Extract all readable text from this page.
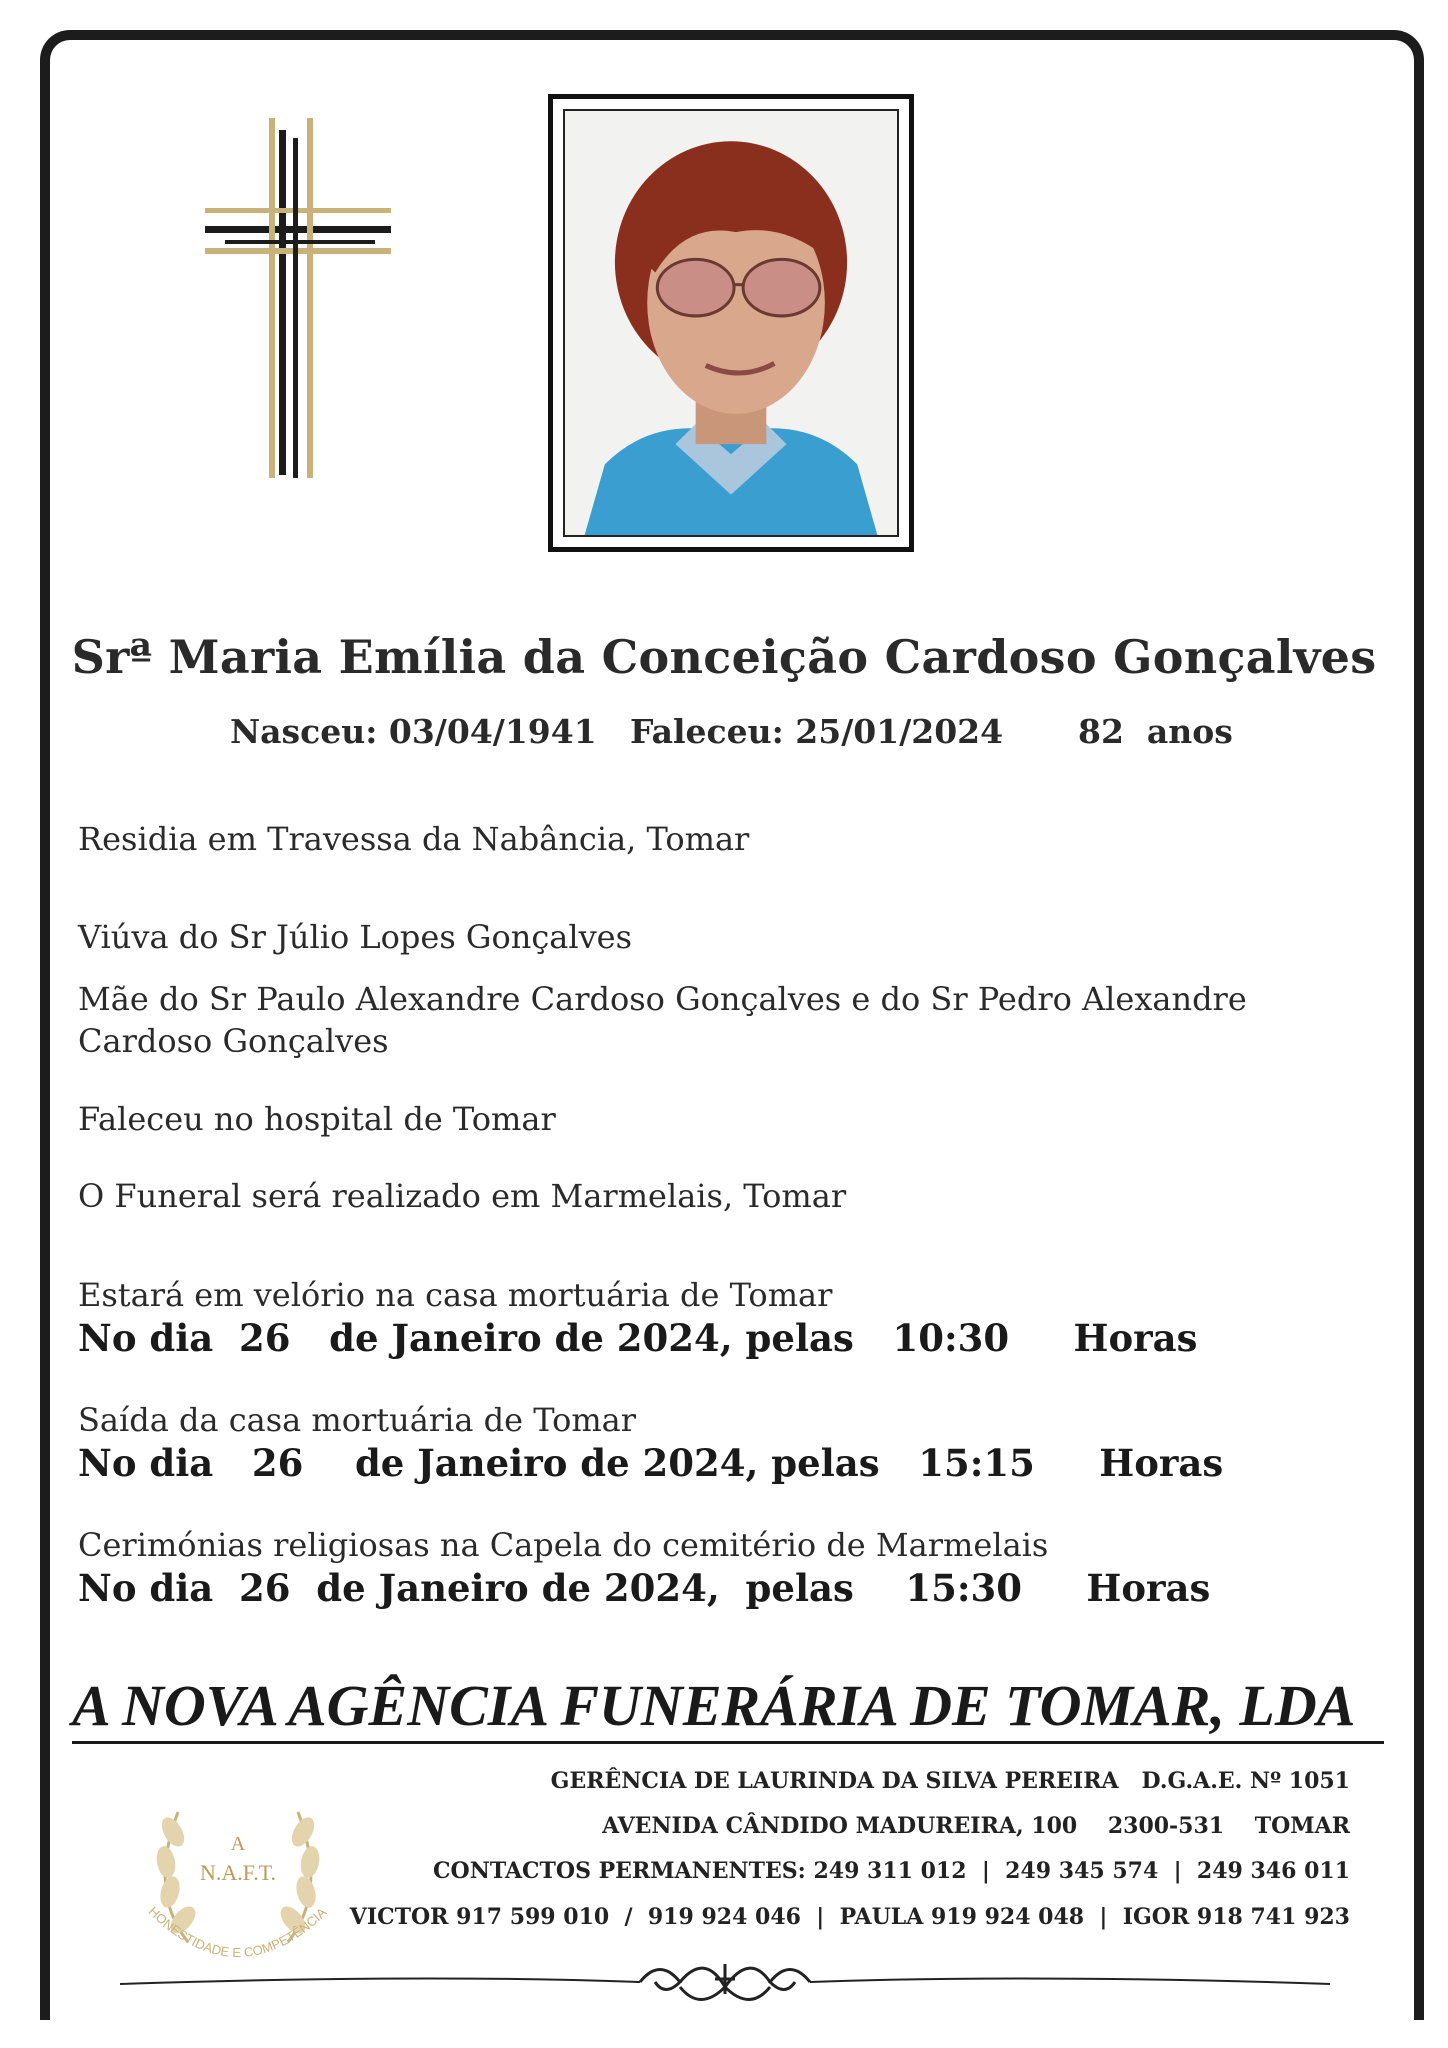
Srª Maria Emília da Conceição Cardoso Gonçalves
Nasceu: 03/04/1941 Faleceu: 25/01/2024 82  anos
Residia em Travessa da Nabância, Tomar
Viúva do Sr Júlio Lopes Gonçalves
Mãe do Sr Paulo Alexandre Cardoso Gonçalves e do Sr Pedro Alexandre
Cardoso Gonçalves
Faleceu no hospital de Tomar
O Funeral será realizado em Marmelais, Tomar
Estará em velório na casa mortuária de Tomar
No dia  26   de Janeiro de 2024, pelas   10:30     Horas
Saída da casa mortuária de Tomar
No dia   26    de Janeiro de 2024, pelas   15:15     Horas
Cerimónias religiosas na Capela do cemitério de Marmelais
No dia  26  de Janeiro de 2024,  pelas    15:30     Horas
A NOVA AGÊNCIA FUNERÁRIA DE TOMAR, LDA
A
N.A.F.T.
HONESTIDADE E COMPETÊNCIA
GERÊNCIA DE LAURINDA DA SILVA PEREIRA   D.G.A.E. Nº 1051
AVENIDA CÂNDIDO MADUREIRA, 100    2300-531    TOMAR
CONTACTOS PERMANENTES: 249 311 012  |  249 345 574  |  249 346 011
VICTOR 917 599 010  /  919 924 046  |  PAULA 919 924 048  |  IGOR 918 741 923
